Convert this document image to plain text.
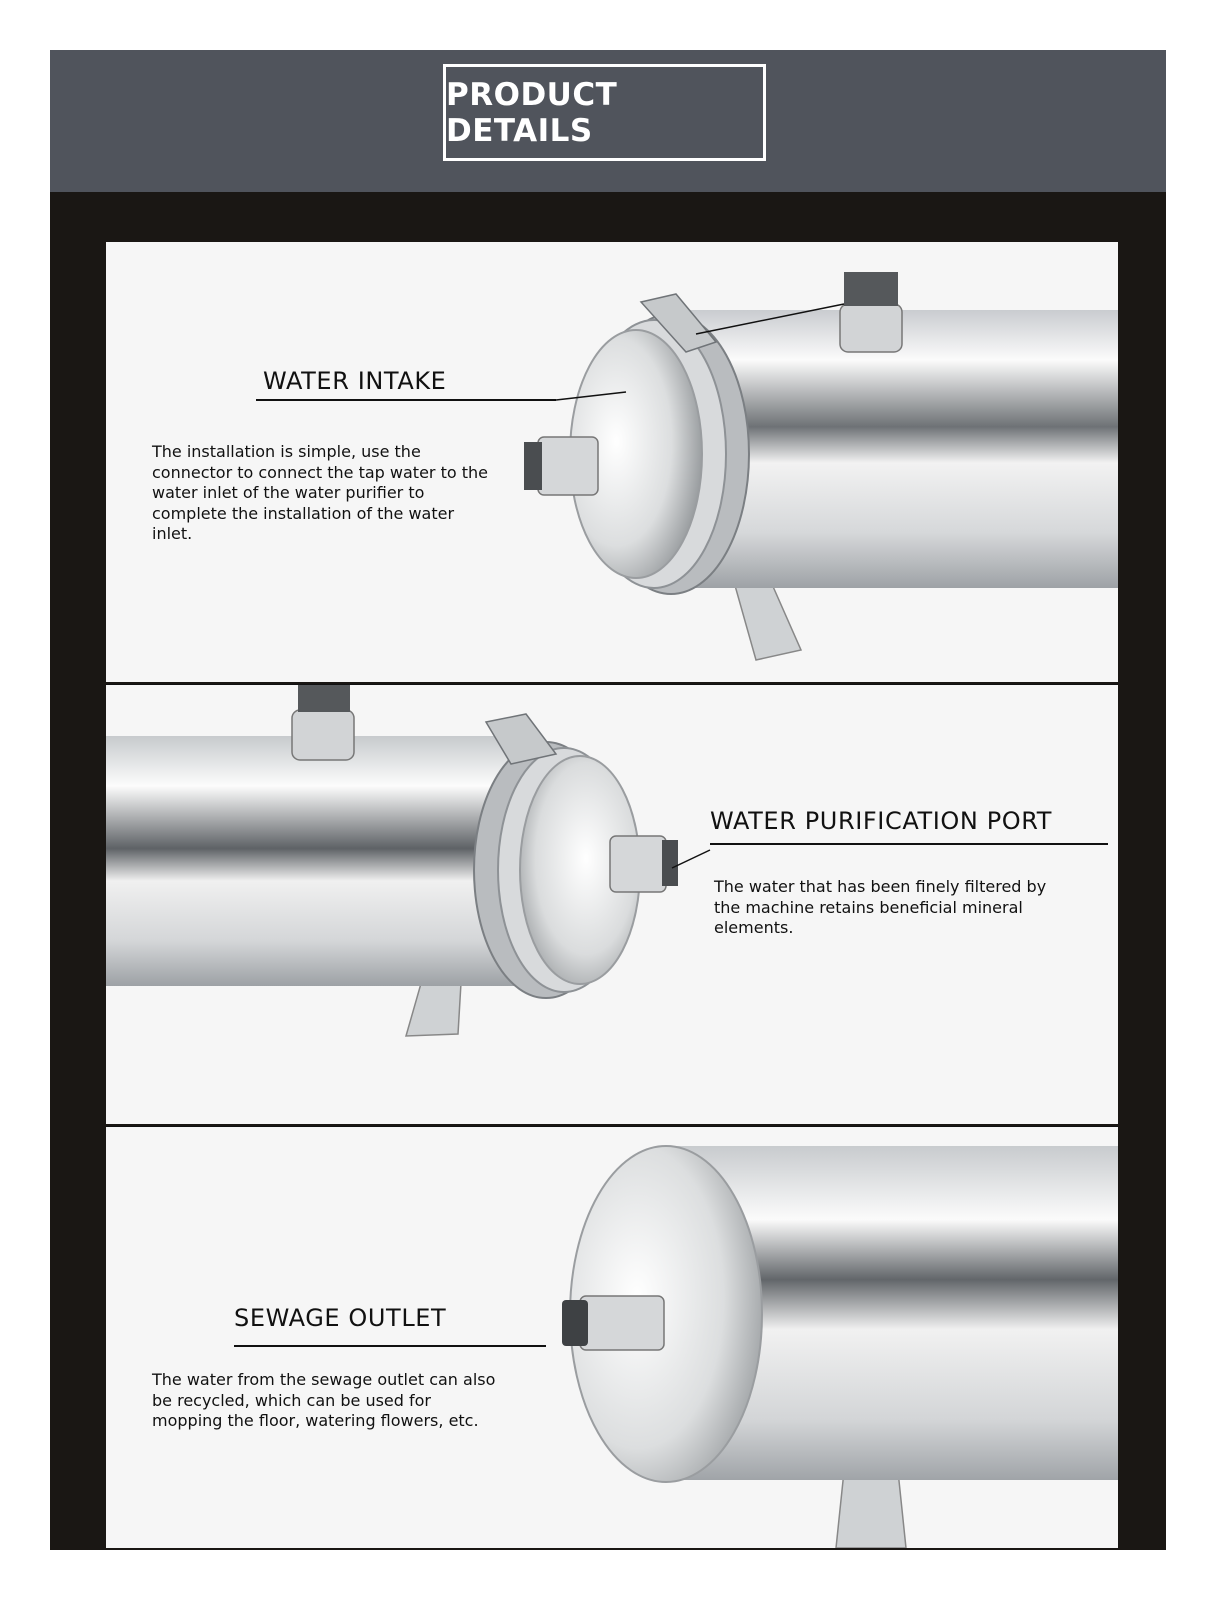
PRODUCT DETAILS
WATER INTAKE
The installation is simple, use the connector to connect the tap water to the water inlet of the water purifier to complete the installation of the water inlet.
WATER PURIFICATION PORT
The water that has been finely filtered by the machine retains beneficial mineral elements.
SEWAGE OUTLET
The water from the sewage outlet can also be recycled, which can be used for mopping the floor, watering flowers, etc.
